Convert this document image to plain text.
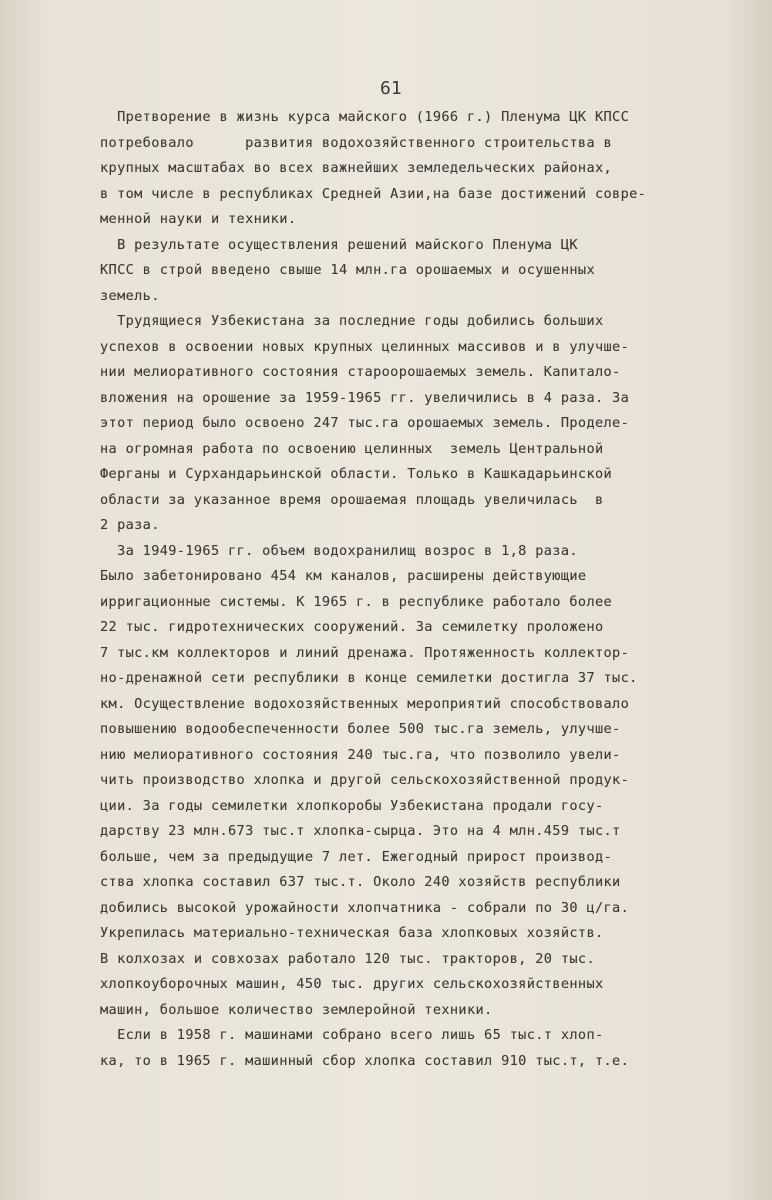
61
Претворение в жизнь курса майского (1966 г.) Пленума ЦК КПСС
потребовало      развития водохозяйственного строительства в
крупных масштабах во всех важнейших земледельческих районах,
в том числе в республиках Средней Азии,на базе достижений совре-
менной науки и техники.
В результате осуществления решений майского Пленума ЦК
КПСС в строй введено свыше 14 млн.га орошаемых и осушенных
земель.
Трудящиеся Узбекистана за последние годы добились больших
успехов в освоении новых крупных целинных массивов и в улучше-
нии мелиоративного состояния староорошаемых земель. Капитало-
вложения на орошение за 1959-1965 гг. увеличились в 4 раза. За
этот период было освоено 247 тыс.га орошаемых земель. Проделе-
на огромная работа по освоению целинных  земель Центральной
Ферганы и Сурхандарьинской области. Только в Кашкадарьинской
области за указанное время орошаемая площадь увеличилась  в
2 раза.
За 1949-1965 гг. объем водохранилищ возрос в 1,8 раза.
Было забетонировано 454 км каналов, расширены действующие
ирригационные системы. К 1965 г. в республике работало более
22 тыс. гидротехнических сооружений. За семилетку проложено
7 тыс.км коллекторов и линий дренажа. Протяженность коллектор-
но-дренажной сети республики в конце семилетки достигла 37 тыс.
км. Осуществление водохозяйственных мероприятий способствовало
повышению водообеспеченности более 500 тыс.га земель, улучше-
нию мелиоративного состояния 240 тыс.га, что позволило увели-
чить производство хлопка и другой сельскохозяйственной продук-
ции. За годы семилетки хлопкоробы Узбекистана продали госу-
дарству 23 млн.673 тыс.т хлопка-сырца. Это на 4 млн.459 тыс.т
больше, чем за предыдущие 7 лет. Ежегодный прирост производ-
ства хлопка составил 637 тыс.т. Около 240 хозяйств республики
добились высокой урожайности хлопчатника - собрали по 30 ц/га.
Укрепилась материально-техническая база хлопковых хозяйств.
В колхозах и совхозах работало 120 тыс. тракторов, 20 тыс.
хлопкоуборочных машин, 450 тыс. других сельскохозяйственных
машин, большое количество землеройной техники.
Если в 1958 г. машинами собрано всего лишь 65 тыс.т хлоп-
ка, то в 1965 г. машинный сбор хлопка составил 910 тыс.т, т.е.
